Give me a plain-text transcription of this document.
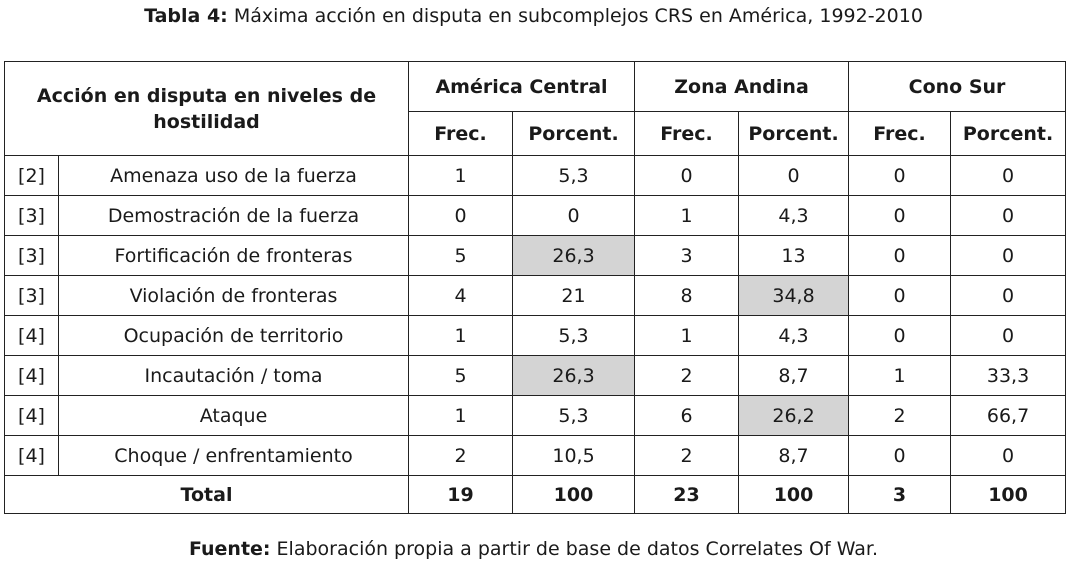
Tabla 4: Máxima acción en disputa en subcomplejos CRS en América, 1992-2010
Acción en disputa en niveles de hostilidad		América Central		Zona Andina		Cono Sur	
		Frec.	Porcent.	Frec.	Porcent.	Frec.	Porcent.
[2]	Amenaza uso de la fuerza	1	5,3	0	0	0	0
[3]	Demostración de la fuerza	0	0	1	4,3	0	0
[3]	Fortificación de fronteras	5	26,3	3	13	0	0
[3]	Violación de fronteras	4	21	8	34,8	0	0
[4]	Ocupación de territorio	1	5,3	1	4,3	0	0
[4]	Incautación / toma	5	26,3	2	8,7	1	33,3
[4]	Ataque	1	5,3	6	26,2	2	66,7
[4]	Choque / enfrentamiento	2	10,5	2	8,7	0	0
Total		19	100	23	100	3	100
Fuente: Elaboración propia a partir de base de datos Correlates Of War.
